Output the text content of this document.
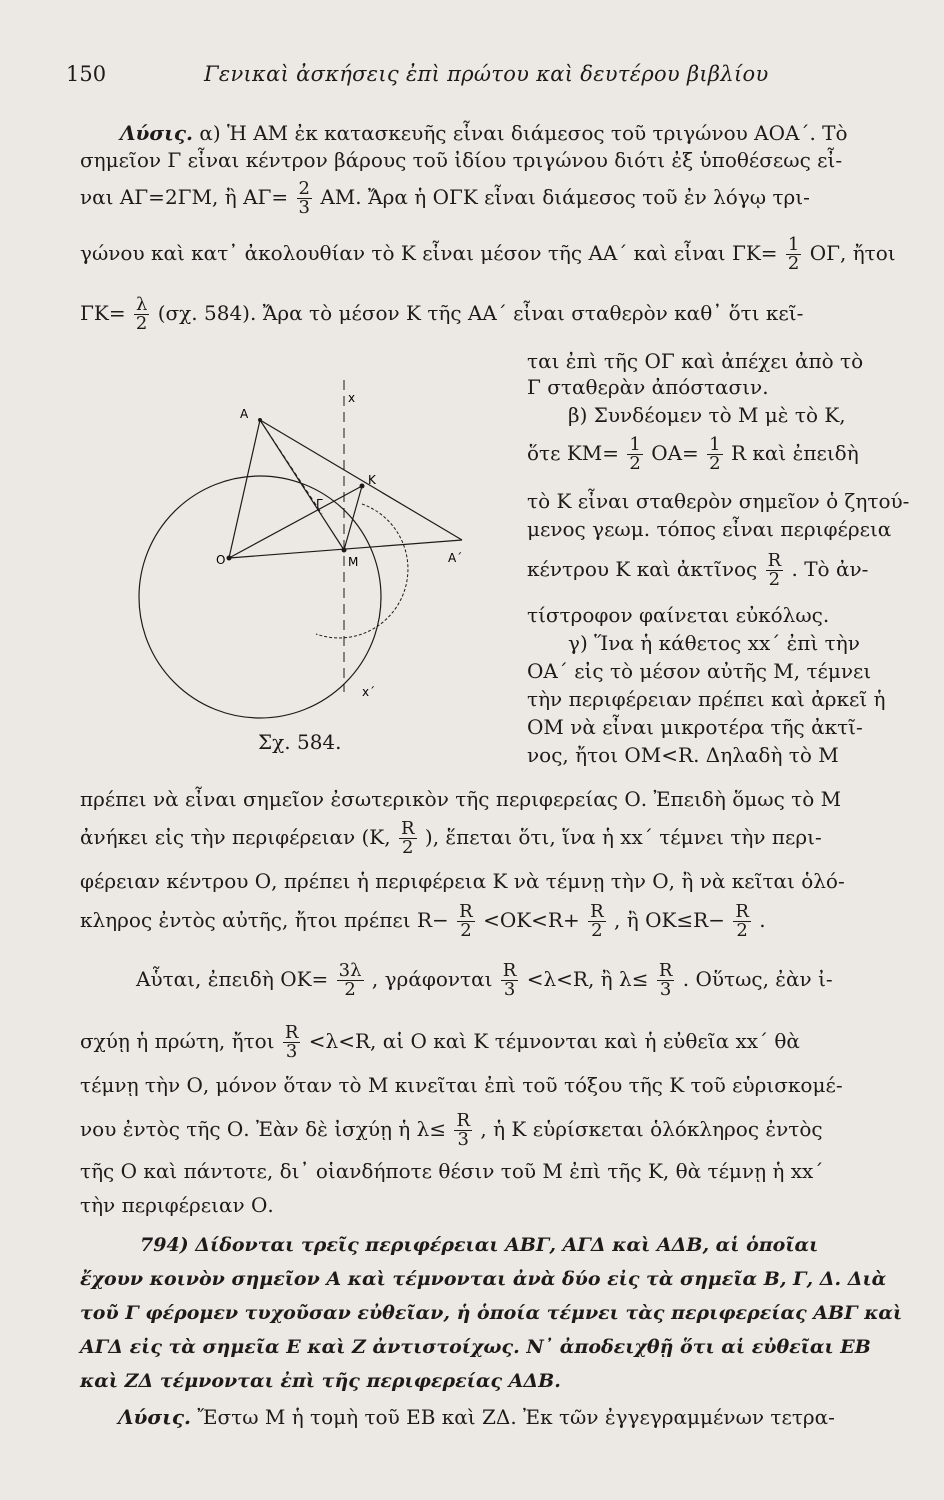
150	Γενικαὶ ἀσκήσεις ἐπὶ πρώτου καὶ δευτέρου βιβλίου
Λύσις. α) Ἡ ΑΜ ἐκ κατασκευῆς εἶναι διάμεσος τοῦ τριγώνου ΑΟΑ΄. Τὸ
σημεῖον Γ εἶναι κέντρον βάρους τοῦ ἰδίου τριγώνου διότι ἐξ ὑποθέσεως εἶ-
ναι ΑΓ=2ΓΜ, ἢ $A\Gamma= \frac{2}{3} AM$. Ἄρα ἡ ΟΓΚ εἶναι διάμεσος τοῦ ἐν λόγῳ τρι-
γώνου καὶ κατ᾽ ἀκολουθίαν τὸ Κ εἶναι μέσον τῆς ΑΑ΄ καὶ εἶναι $\Gamma K= \frac{1}{2} O\Gamma$, ἤτοι
$\Gamma K= \frac{\lambda}{2} (\sigma\chi$. 584). Ἄρα τὸ μέσον Κ τῆς ΑΑ΄ εἶναι σταθερὸν καθ᾽ ὅτι κεῖ-
ται ἐπὶ τῆς ΟΓ καὶ ἀπέχει ἀπὸ τὸ
Γ σταθερὰν ἀπόστασιν.
β) Συνδέομεν τὸ Μ μὲ τὸ Κ,
ὅτε $KM= \frac{1}{2} OA= \frac{1}{2}$ R καὶ ἐπειδὴ
τὸ Κ εἶναι σταθερὸν σημεῖον ὁ ζητού-
μενος γεωμ. τόπος εἶναι περιφέρεια
κέντρου Κ καὶ ἀκτῖνος $\frac{R}{2}$ . Τὸ ἀν-
τίστροφον φαίνεται εὐκόλως.
γ) Ἵνα ἡ κάθετος xx΄ ἐπὶ τὴν
ΟΑ΄ εἰς τὸ μέσον αὐτῆς Μ, τέμνει
τὴν περιφέρειαν πρέπει καὶ ἀρκεῖ ἡ
ΟΜ νὰ εἶναι μικροτέρα τῆς ἀκτῖ-
νος, ἤτοι ΟΜ<R. Δηλαδὴ τὸ Μ
Α
Ο	Μ
Κ
Γ
Α΄
x
x΄
Σχ. 584.
πρέπει νὰ εἶναι σημεῖον ἐσωτερικὸν τῆς περιφερείας Ο. Ἐπειδὴ ὅμως τὸ Μ
ἀνήκει εἰς τὴν περιφέρειαν (Κ, $\frac{R}{2}$ ), ἕπεται ὅτι, ἵνα ἡ xx΄ τέμνει τὴν περι-
φέρειαν κέντρου Ο, πρέπει ἡ περιφέρεια Κ νὰ τέμνῃ τὴν Ο, ἢ νὰ κεῖται ὁλό-
κληρος ἐντὸς αὐτῆς, ἤτοι πρέπει $R- \frac{R}{2} <OK<R+ \frac{R}{2}$ , ἢ $OK\le R- \frac{R}{2}$ .
Αὗται, ἐπειδὴ $OK= \frac{3\lambda}{2}$ , γράφονται $\frac{R}{3} <\lambda<R$, ἢ $\lambda\le \frac{R}{3}$ . Οὕτως, ἐὰν ἰ-
σχύῃ ἡ πρώτη, ἤτοι $\frac{R}{3} <\lambda<R$, αἱ Ο καὶ Κ τέμνονται καὶ ἡ εὐθεῖα xx΄ θὰ
τέμνῃ τὴν Ο, μόνον ὅταν τὸ Μ κινεῖται ἐπὶ τοῦ τόξου τῆς Κ τοῦ εὑρισκομέ-
νου ἐντὸς τῆς Ο. Ἐὰν δὲ ἰσχύῃ ἡ $\lambda\le \frac{R}{3}$ , ἡ Κ εὑρίσκεται ὁλόκληρος ἐντὸς
τῆς Ο καὶ πάντοτε, δι᾽ οἱανδήποτε θέσιν τοῦ Μ ἐπὶ τῆς Κ, θὰ τέμνῃ ἡ xx΄
τὴν περιφέρειαν Ο.
794) Δίδονται τρεῖς περιφέρειαι ΑΒΓ, ΑΓΔ καὶ ΑΔΒ, αἱ ὁποῖαι
ἔχουν κοινὸν σημεῖον Α καὶ τέμνονται ἀνὰ δύο εἰς τὰ σημεῖα Β, Γ, Δ. Διὰ
τοῦ Γ φέρομεν τυχοῦσαν εὐθεῖαν, ἡ ὁποία τέμνει τὰς περιφερείας ΑΒΓ καὶ
ΑΓΔ εἰς τὰ σημεῖα Ε καὶ Ζ ἀντιστοίχως. Ν᾽ ἀποδειχθῇ ὅτι αἱ εὐθεῖαι ΕΒ
καὶ ΖΔ τέμνονται ἐπὶ τῆς περιφερείας ΑΔΒ.
Λύσις. Ἔστω Μ ἡ τομὴ τοῦ ΕΒ καὶ ΖΔ. Ἐκ τῶν ἐγγεγραμμένων τετρα-
